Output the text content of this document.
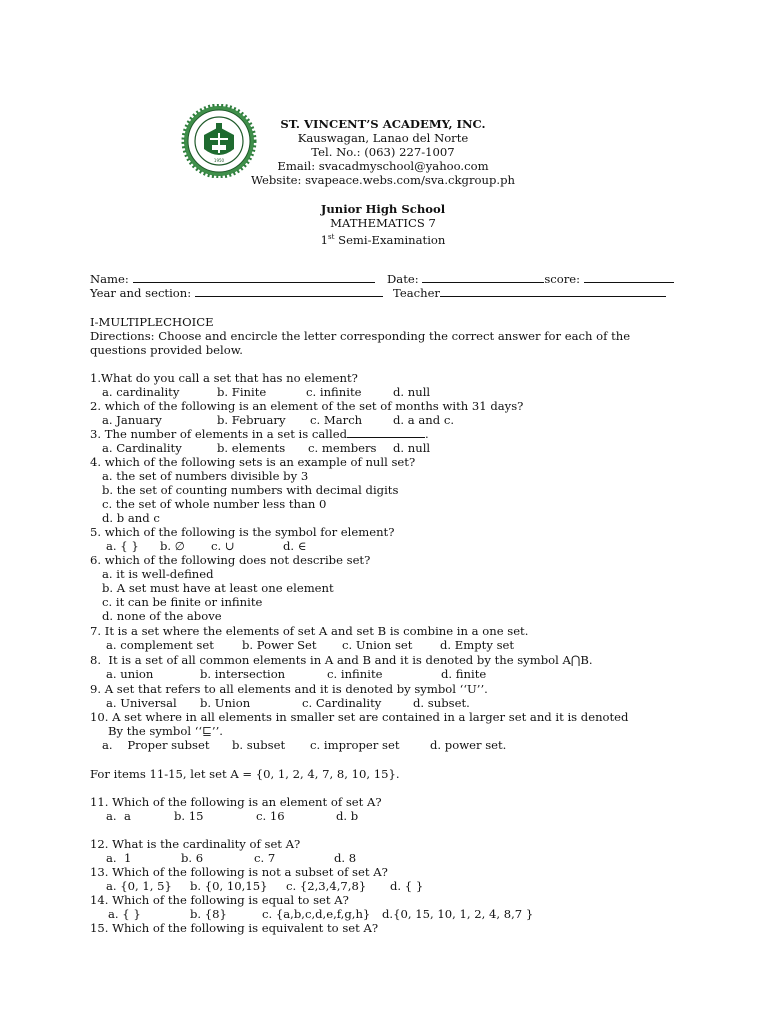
1950
ST. VINCENT’S ACADEMY, INC.
Kauswagan, Lanao del Norte
Tel. No.: (063) 227-1007
Email: svacadmyschool@yahoo.com
Website: svapeace.webs.com/sva.ckgroup.ph
Junior High School
MATHEMATICS 7
1st Semi-Examination
Name:	Date:	score:
Year and section:	Teacher
I-MULTIPLECHOICE
Directions: Choose and encircle the letter corresponding the correct answer for each of the
questions provided below.
1.What do you call a set that has no element?
a. cardinality	b. Finite	c. infinite	d. null
2. which of the following is an element of the set of months with 31 days?
a. January	b. February c. March	d. a and c.
3. The number of elements in a set is called	.
a. Cardinality	b. elements c. members d. null
4. which of the following sets is an example of null set?
a. the set of numbers divisible by 3
b. the set of counting numbers with decimal digits
c. the set of whole number less than 0
d. b and c
5. which of the following is the symbol for element?
a. { } b. ∅ c. ∪	d. ∈
6. which of the following does not describe set?
a. it is well-defined
b. A set must have at least one element
c. it can be finite or infinite
d. none of the above
7. It is a set where the elements of set A and set B is combine in a one set.
a. complement set b. Power Set c. Union set d. Empty set
8.  It is a set of all common elements in A and B and it is denoted by the symbol A⋂B.
a. union	b. intersection	c. infinite	d. finite
9. A set that refers to all elements and it is denoted by symbol ‘‘U’’.
a. Universal b. Union	c. Cardinality	d. subset.
10. A set where in all elements in smaller set are contained in a larger set and it is denoted
By the symbol ‘‘⊑’’.
a.    Proper subset b. subset c. improper set	d. power set.
For items 11-15, let set A = {0, 1, 2, 4, 7, 8, 10, 15}.
11. Which of the following is an element of set A?
a.  a	b. 15	c. 16	d. b
12. What is the cardinality of set A?
a.  1	b. 6	c. 7	d. 8
13. Which of the following is not a subset of set A?
a. {0, 1, 5} b. {0, 10,15} c. {2,3,4,7,8} d. { }
14. Which of the following is equal to set A?
a. { }	b. {8}	c. {a,b,c,d,e,f,g,h} d.{0, 15, 10, 1, 2, 4, 8,7 }
15. Which of the following is equivalent to set A?
